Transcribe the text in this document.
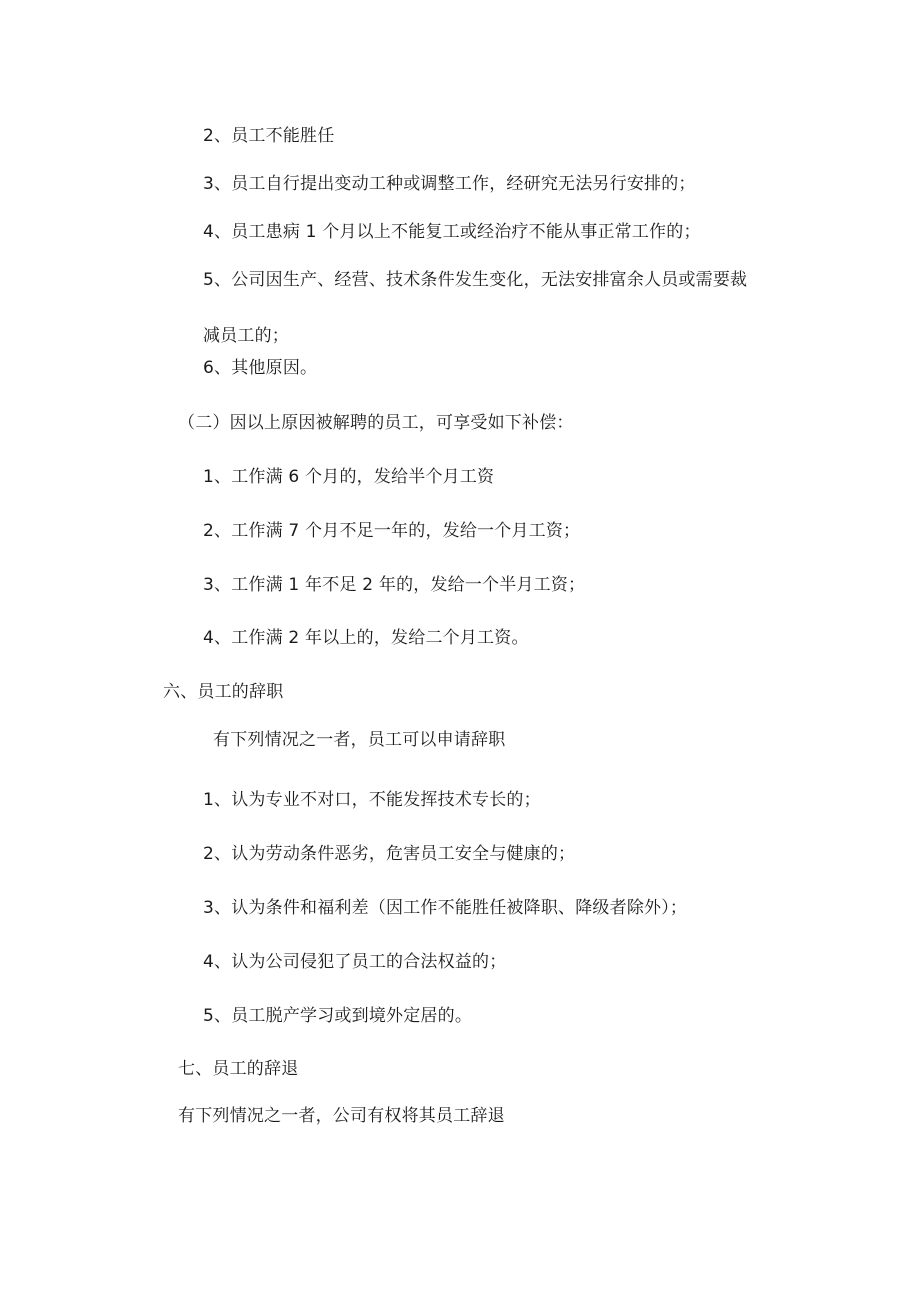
2、员工不能胜任
3、员工自行提出变动工种或调整工作，经研究无法另行安排的；
4、员工患病 1 个月以上不能复工或经治疗不能从事正常工作的；
5、公司因生产、经营、技术条件发生变化，无法安排富余人员或需要裁
减员工的；
6、其他原因。
（二）因以上原因被解聘的员工，可享受如下补偿：
1、工作满 6 个月的，发给半个月工资
2、工作满 7 个月不足一年的，发给一个月工资；
3、工作满 1 年不足 2 年的，发给一个半月工资；
4、工作满 2 年以上的，发给二个月工资。
六、员工的辞职
有下列情况之一者，员工可以申请辞职
1、认为专业不对口，不能发挥技术专长的；
2、认为劳动条件恶劣，危害员工安全与健康的；
3、认为条件和福利差（因工作不能胜任被降职、降级者除外）；
4、认为公司侵犯了员工的合法权益的；
5、员工脱产学习或到境外定居的。
七、员工的辞退
有下列情况之一者，公司有权将其员工辞退
